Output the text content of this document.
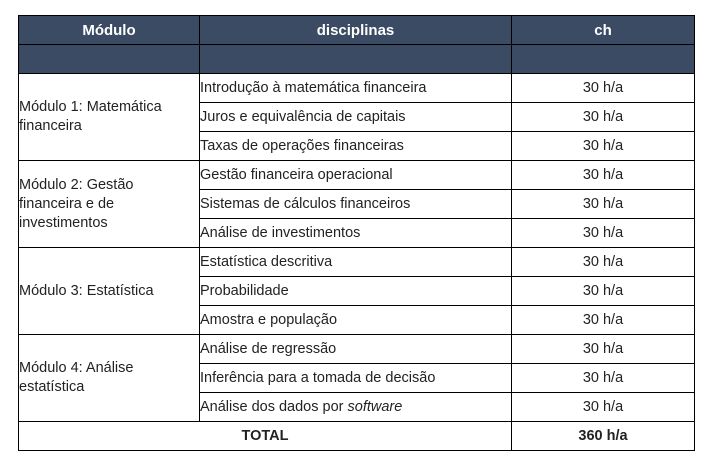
Módulo	disciplinas	ch

Módulo 1: Matemática financeira	Introdução à matemática financeira	30 h/a
	Juros e equivalência de capitais	30 h/a
	Taxas de operações financeiras	30 h/a
Módulo 2: Gestão financeira e de investimentos	Gestão financeira operacional	30 h/a
	Sistemas de cálculos financeiros	30 h/a
	Análise de investimentos	30 h/a
Módulo 3: Estatística	Estatística descritiva	30 h/a
	Probabilidade	30 h/a
	Amostra e população	30 h/a
Módulo 4: Análise estatística	Análise de regressão	30 h/a
	Inferência para a tomada de decisão	30 h/a
	Análise dos dados por software	30 h/a
TOTAL		360 h/a
